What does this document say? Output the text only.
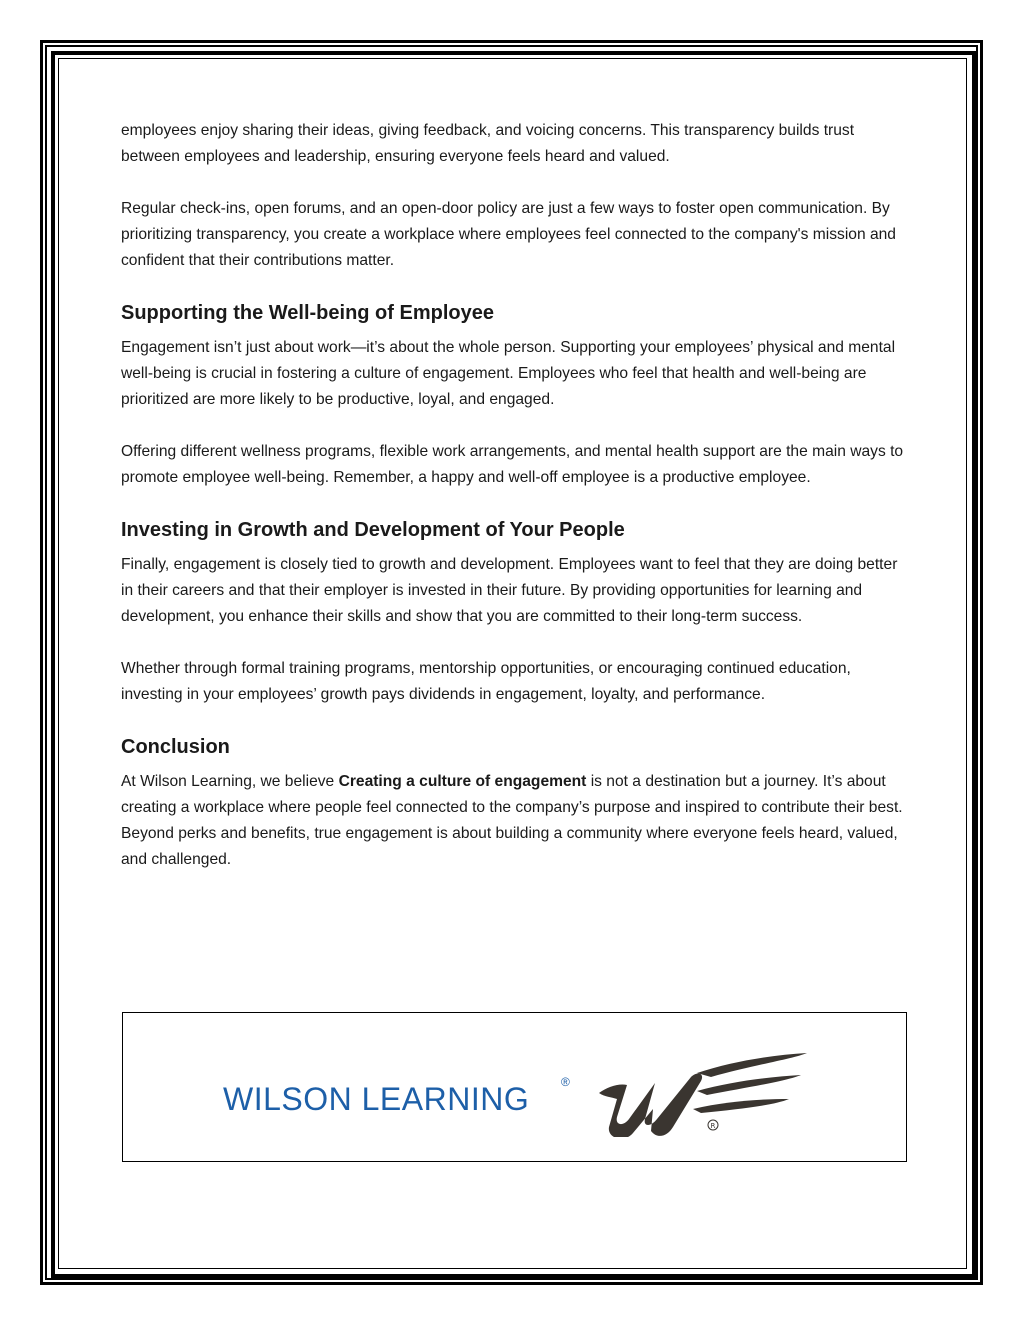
employees enjoy sharing their ideas, giving feedback, and voicing concerns. This transparency builds trust between employees and leadership, ensuring everyone feels heard and valued.

Regular check-ins, open forums, and an open-door policy are just a few ways to foster open communication. By prioritizing transparency, you create a workplace where employees feel connected to the company's mission and confident that their contributions matter.

Supporting the Well-being of Employee

Engagement isn’t just about work—it’s about the whole person. Supporting your employees’ physical and mental well-being is crucial in fostering a culture of engagement. Employees who feel that health and well-being are prioritized are more likely to be productive, loyal, and engaged.

Offering different wellness programs, flexible work arrangements, and mental health support are the main ways to promote employee well-being. Remember, a happy and well-off employee is a productive employee.

Investing in Growth and Development of Your People

Finally, engagement is closely tied to growth and development. Employees want to feel that they are doing better in their careers and that their employer is invested in their future. By providing opportunities for learning and development, you enhance their skills and show that you are committed to their long-term success.

Whether through formal training programs, mentorship opportunities, or encouraging continued education, investing in your employees’ growth pays dividends in engagement, loyalty, and performance.

Conclusion

At Wilson Learning, we believe Creating a culture of engagement is not a destination but a journey. It’s about creating a workplace where people feel connected to the company’s purpose and inspired to contribute their best. Beyond perks and benefits, true engagement is about building a community where everyone feels heard, valued, and challenged.

WILSON LEARNING	®
R
